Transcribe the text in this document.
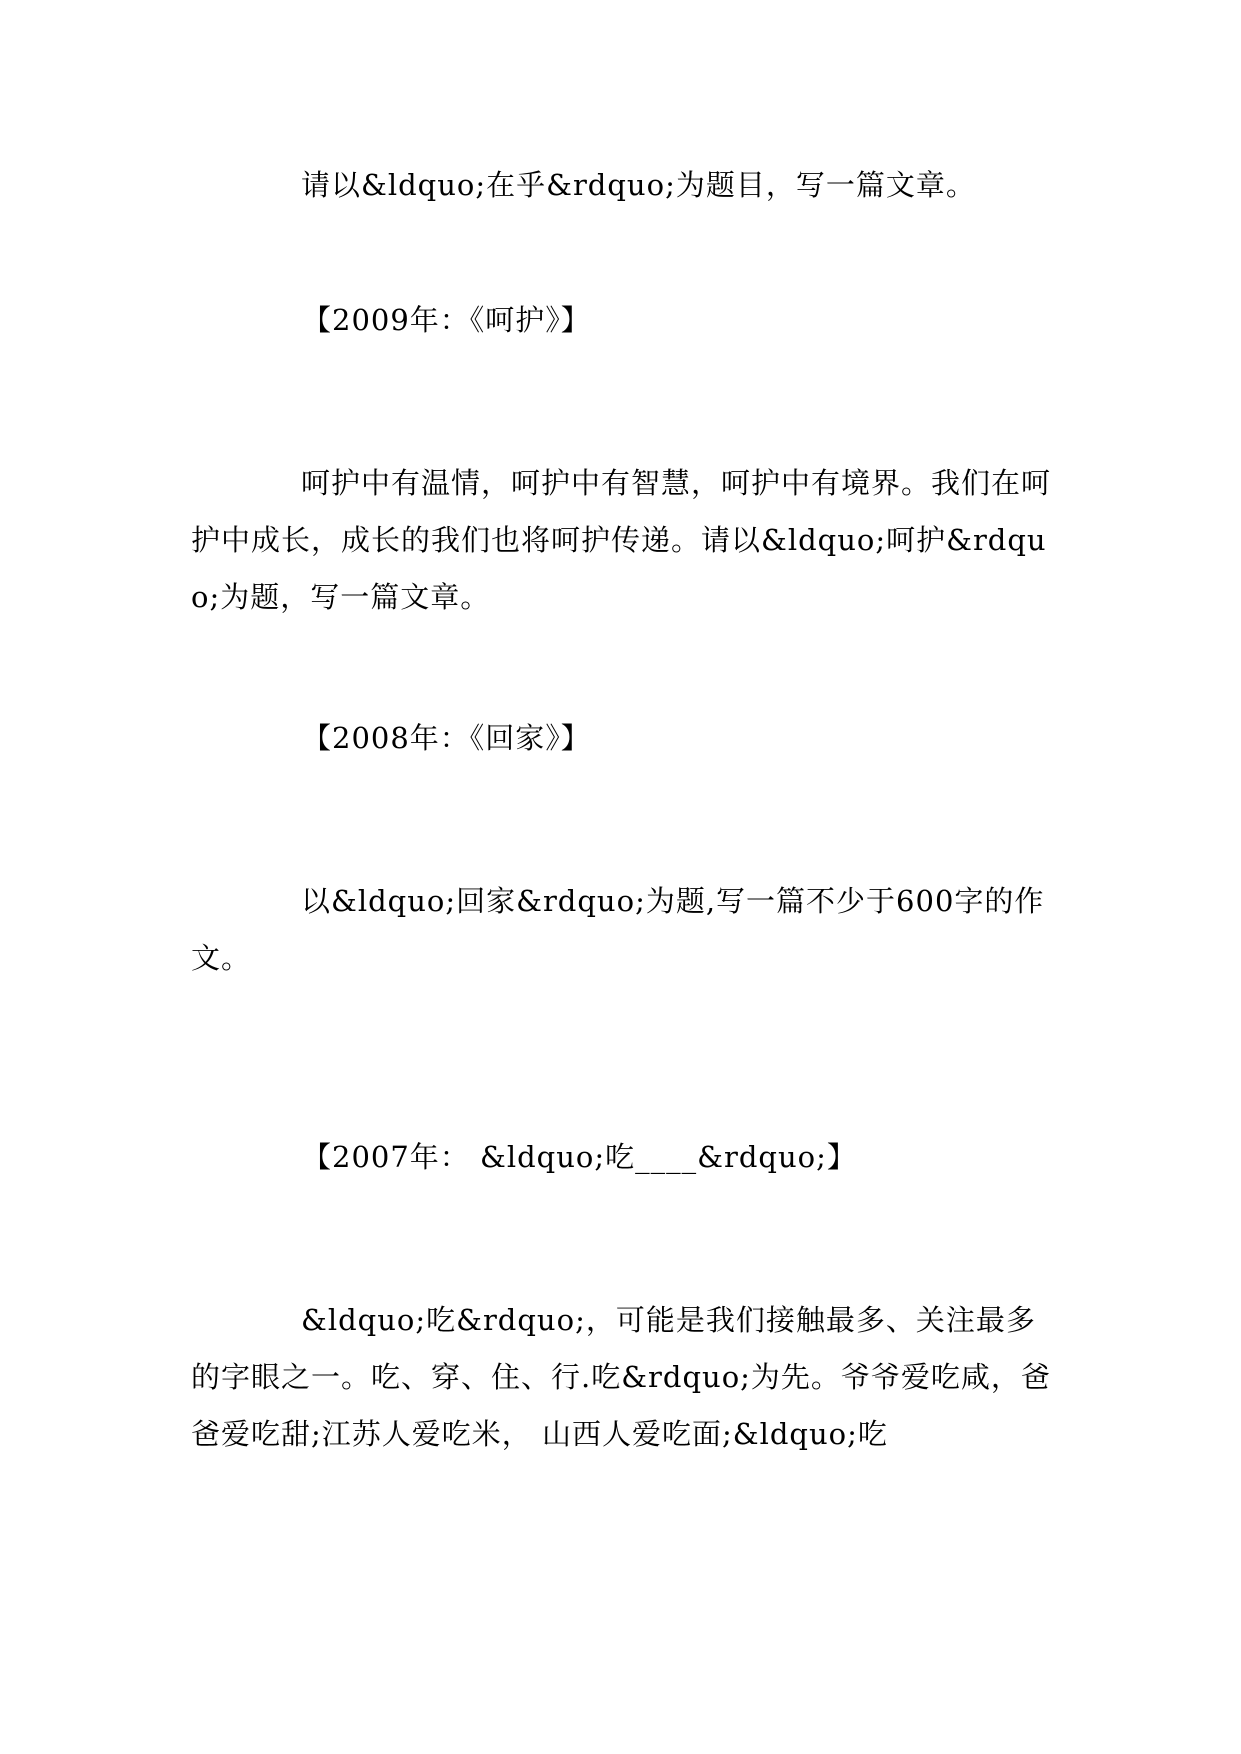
请以&ldquo;在乎&rdquo;为题目，写一篇文章。

【2009年：《呵护》】

呵护中有温情，呵护中有智慧，呵护中有境界。我们在呵护中成长，成长的我们也将呵护传递。请以&ldquo;呵护&rdquo;为题，写一篇文章。

【2008年：《回家》】

以&ldquo;回家&rdquo;为题,写一篇不少于600字的作文。

【2007年： &ldquo;吃____&rdquo;】

&ldquo;吃&rdquo;，可能是我们接触最多、关注最多的字眼之一。吃、穿、住、行.吃&rdquo;为先。爷爷爱吃咸，爸爸爱吃甜;江苏人爱吃米， 山西人爱吃面;&ldquo;吃
